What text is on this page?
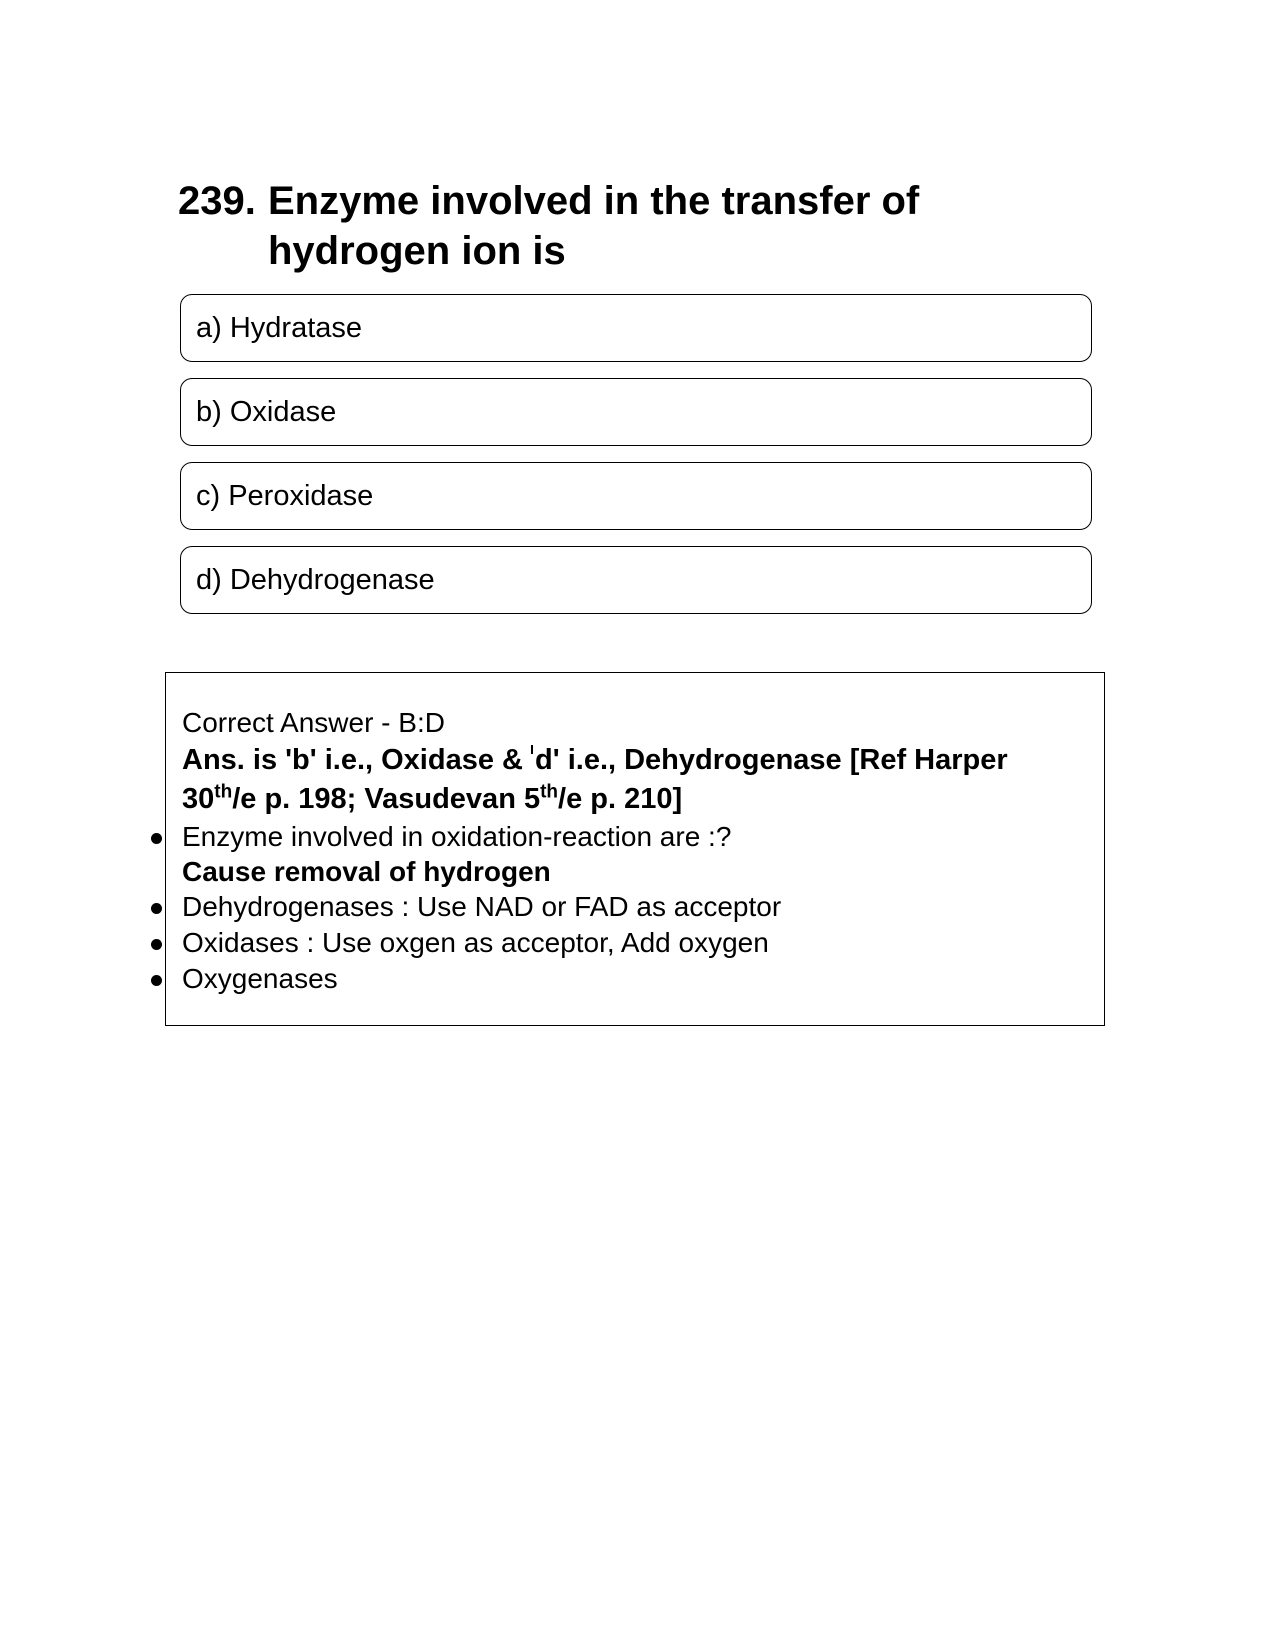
239. Enzyme involved in the transfer of
hydrogen ion is
a) Hydratase
b) Oxidase
c) Peroxidase
d) Dehydrogenase

Correct Answer - B:D

Ans. is 'b' i.e., Oxidase & d' i.e., Dehydrogenase [Ref Harper
30th/e p. 198; Vasudevan 5th/e p. 210]

Enzyme involved in oxidation-reaction are :?

Cause removal of hydrogen

Dehydrogenases : Use NAD or FAD as acceptor

Oxidases : Use oxgen as acceptor, Add oxygen

Oxygenases
